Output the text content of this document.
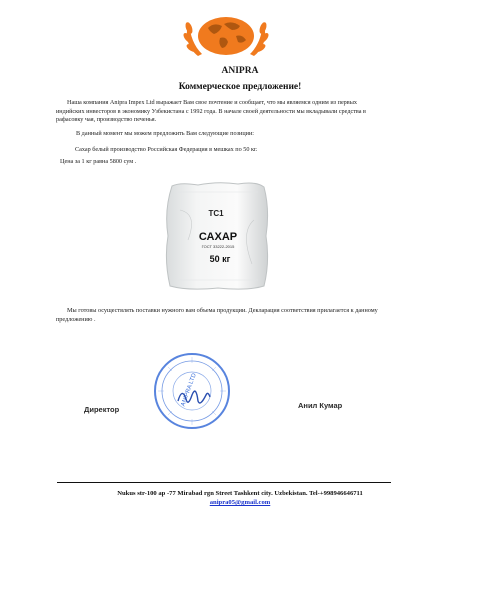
ANIPRA
Коммерческое предложение!
Наша компания Anipra Impex Ltd выражает Вам свое почтение и сообщает, что мы являемся одним из первых индийских инвесторов в экономику Узбекистана с 1992 года. В начале своей деятельности мы вкладывали средства в рафасовку чая, производство печенья.
В данный момент мы можем предложить Вам следующие позиции:
Сахар белый производство Российская Федерация в мешках по 50 кг.
Цена за 1 кг равна 5800 сум .
TC1
САХАР
ГОСТ 33222-2015
50 кг
Мы готовы осуществлять поставки нужного вам объема продукции. Декларация соответствия прилагается к данному предложению .
ANIPRA LTD
Директор	Анил Кумар
Nukus str-100 ap -77 Mirabad rgn Street Tashkent city. Uzbekistan. Tel-+998946646711
anipra05@gmail.com
